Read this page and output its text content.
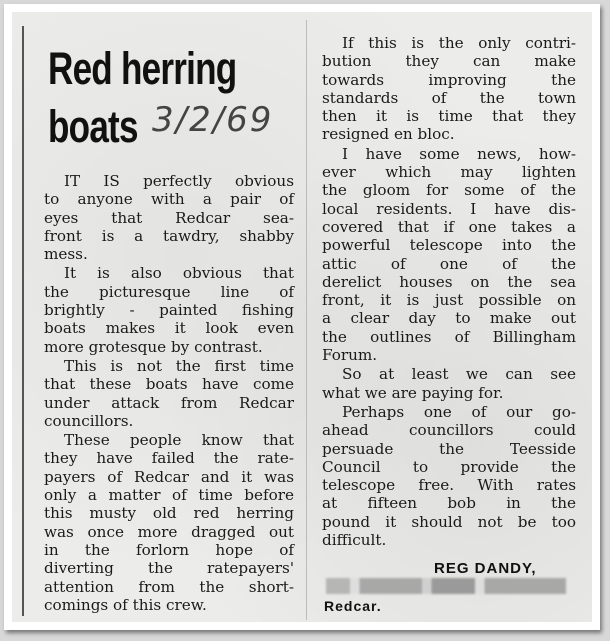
Red herring
boats 3/2/69
IT IS perfectly obvious
to anyone with a pair of
eyes that Redcar sea-
front is a tawdry, shabby
mess.
It is also obvious that
the picturesque line of
brightly - painted fishing
boats makes it look even
more grotesque by contrast.
This is not the first time
that these boats have come
under attack from Redcar
councillors.
These people know that
they have failed the rate-
payers of Redcar and it was
only a matter of time before
this musty old red herring
was once more dragged out
in the forlorn hope of
diverting the ratepayers'
attention from the short-
comings of this crew.
If this is the only contri-
bution they can make
towards improving the
standards of the town
then it is time that they
resigned en bloc.
I have some news, how-
ever which may lighten
the gloom for some of the
local residents. I have dis-
covered that if one takes a
powerful telescope into the
attic of one of the
derelict houses on the sea
front, it is just possible on
a clear day to make out
the outlines of Billingham
Forum.
So at least we can see
what we are paying for.
Perhaps one of our go-
ahead councillors could
persuade the Teesside
Council to provide the
telescope free. With rates
at fifteen bob in the
pound it should not be too
difficult.
REG DANDY,
Redcar.
